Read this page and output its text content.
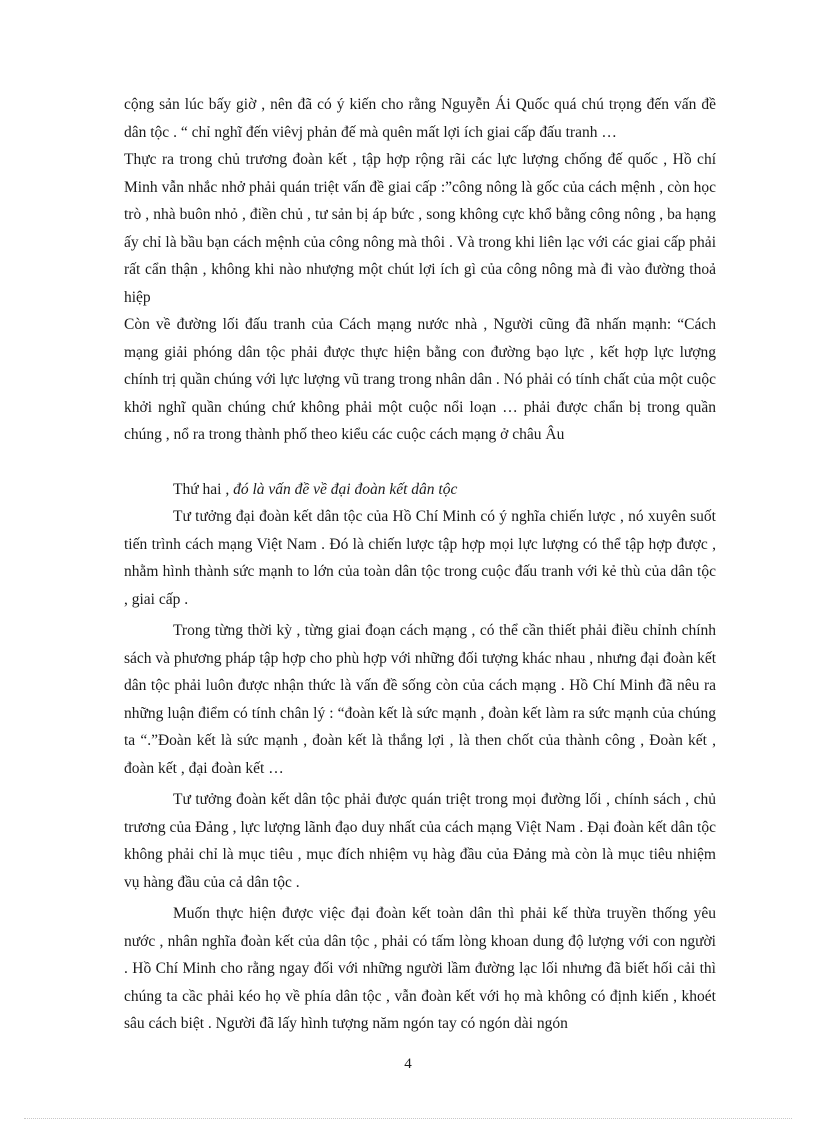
cộng sản lúc bấy giờ , nên đã có ý kiến cho rằng Nguyễn Ái Quốc quá chú trọng đến vấn đề dân tộc . “ chỉ nghĩ đến viêvj phản đế mà quên mất lợi ích giai cấp đấu tranh …

Thực ra trong chủ trương đoàn kết , tập hợp rộng rãi các lực lượng chống đế quốc , Hồ chí Minh vẫn nhắc nhở phải quán triệt vấn đề giai cấp :”công nông là gốc của cách mệnh , còn học trò , nhà buôn nhỏ , điền chủ , tư sản bị áp bức , song không cực khổ bằng công nông , ba hạng ấy chỉ là bầu bạn cách mệnh của công nông mà thôi . Và trong khi liên lạc với các giai cấp phải rất cẩn thận , không khi nào nhượng một chút lợi ích gì của công nông mà đi vào đường thoả hiệp

Còn về đường lối đấu tranh của Cách mạng nước nhà , Người cũng đã nhấn mạnh: “Cách mạng giải phóng dân tộc phải được thực hiện bằng con đường bạo lực , kết hợp lực lượng chính trị quần chúng với lực lượng vũ trang trong nhân dân . Nó phải có tính chất của một cuộc khởi nghĩ quần chúng chứ không phải một cuộc nổi loạn … phải được chẩn bị trong quần chúng , nổ ra trong thành phố theo kiểu các cuộc cách mạng ở châu Âu

Thứ hai , đó là vấn đề về đại đoàn kết dân tộc

Tư tưởng đại đoàn kết dân tộc của Hồ Chí Minh có ý nghĩa chiến lược , nó xuyên suốt tiến trình cách mạng Việt Nam . Đó là chiến lược tập hợp mọi lực lượng có thể tập hợp được , nhằm hình thành sức mạnh to lớn của toàn dân tộc trong cuộc đấu tranh với kẻ thù của dân tộc , giai cấp .

Trong từng thời kỳ , từng giai đoạn cách mạng , có thể cần thiết phải điều chỉnh chính sách và phương pháp tập hợp cho phù hợp với những đối tượng khác nhau , nhưng đại đoàn kết dân tộc phải luôn được nhận thức là vấn đề sống còn của cách mạng . Hồ Chí Minh đã nêu ra những luận điểm có tính chân lý : “đoàn kết là sức mạnh , đoàn kết làm ra sức mạnh của chúng ta “.”Đoàn kết là sức mạnh , đoàn kết là thắng lợi , là then chốt của thành công , Đoàn kết , đoàn kết , đại đoàn kết …

Tư tưởng đoàn kết dân tộc phải được quán triệt trong mọi đường lối , chính sách , chủ trương của Đảng , lực lượng lãnh đạo duy nhất của cách mạng Việt Nam . Đại đoàn kết dân tộc không phải chỉ là mục tiêu , mục đích nhiệm vụ hàg đầu của Đảng mà còn là mục tiêu nhiệm vụ hàng đầu của cả dân tộc .

Muốn thực hiện được việc đại đoàn kết toàn dân thì phải kế thừa truyền thống yêu nước , nhân nghĩa đoàn kết của dân tộc , phải có tấm lòng khoan dung độ lượng với con người . Hồ Chí Minh cho rằng ngay đối với những người lầm đường lạc lối nhưng đã biết hối cải thì chúng ta cầc phải kéo họ về phía dân tộc , vẫn đoàn kết với họ mà không có định kiến , khoét sâu cách biệt . Người đã lấy hình tượng năm ngón tay có ngón dài ngón

4
